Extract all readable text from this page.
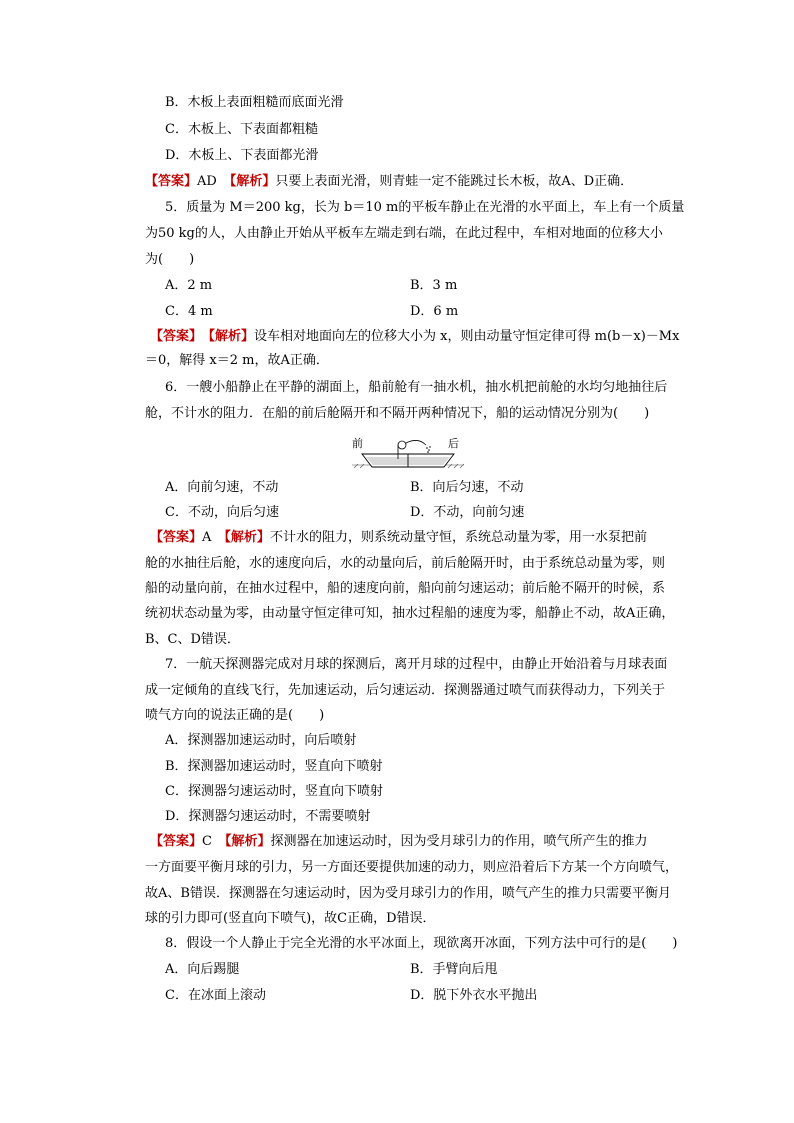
B．木板上表面粗糙而底面光滑
C．木板上、下表面都粗糙
D．木板上、下表面都光滑
【答案】AD　 【解析】只要上表面光滑，则青蛙一定不能跳过长木板，故A、D正确．
5．质量为 M＝200 kg，长为 b＝10 m的平板车静止在光滑的水平面上，车上有一个质量
为50 kg的人，人由静止开始从平板车左端走到右端，在此过程中，车相对地面的位移大小
为(　　)
A．2 m	B．3 m
C．4 m	D．6 m
【答案】　 【解析】设车相对地面向左的位移大小为 x，则由动量守恒定律可得 m(b－x)－Mx
＝0，解得 x＝2 m，故A正确．
6．一艘小船静止在平静的湖面上，船前舱有一抽水机，抽水机把前舱的水均匀地抽往后
舱，不计水的阻力．在船的前后舱隔开和不隔开两种情况下，船的运动情况分别为(　　)
前	后
A．向前匀速，不动	B．向后匀速，不动
C．不动，向后匀速	D．不动，向前匀速
【答案】A　 【解析】不计水的阻力，则系统动量守恒，系统总动量为零，用一水泵把前
舱的水抽往后舱，水的速度向后，水的动量向后，前后舱隔开时，由于系统总动量为零，则
船的动量向前，在抽水过程中，船的速度向前，船向前匀速运动；前后舱不隔开的时候，系
统初状态动量为零，由动量守恒定律可知，抽水过程船的速度为零，船静止不动，故A正确，
B、C、D错误．
7．一航天探测器完成对月球的探测后，离开月球的过程中，由静止开始沿着与月球表面
成一定倾角的直线飞行，先加速运动，后匀速运动．探测器通过喷气而获得动力，下列关于
喷气方向的说法正确的是(　　)
A．探测器加速运动时，向后喷射
B．探测器加速运动时，竖直向下喷射
C．探测器匀速运动时，竖直向下喷射
D．探测器匀速运动时，不需要喷射
【答案】C　 【解析】探测器在加速运动时，因为受月球引力的作用，喷气所产生的推力
一方面要平衡月球的引力，另一方面还要提供加速的动力，则应沿着后下方某一个方向喷气，
故A、B错误．探测器在匀速运动时，因为受月球引力的作用，喷气产生的推力只需要平衡月
球的引力即可(竖直向下喷气)，故C正确，D错误．
8．假设一个人静止于完全光滑的水平冰面上，现欲离开冰面，下列方法中可行的是(　　)
A．向后踢腿	B．手臂向后甩
C．在冰面上滚动	D．脱下外衣水平抛出
